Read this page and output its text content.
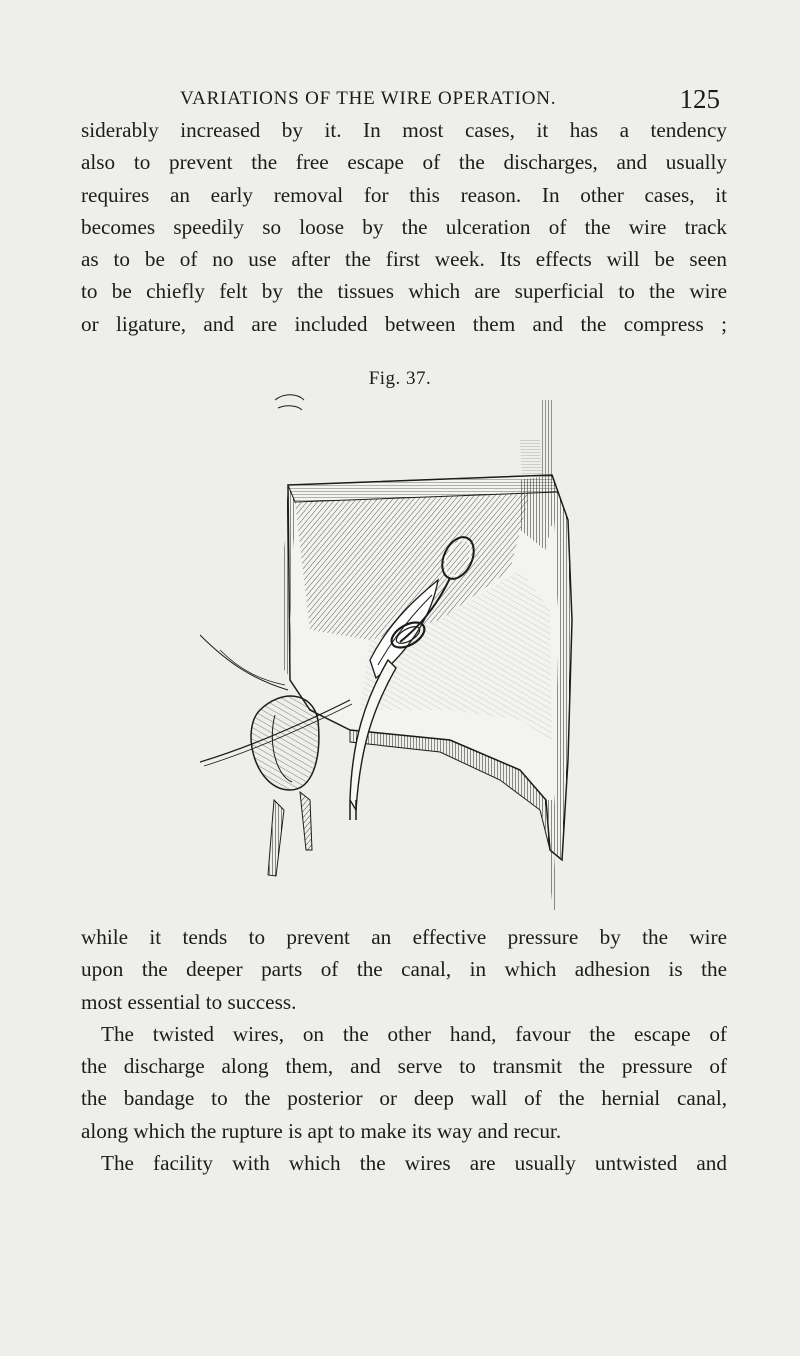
VARIATIONS OF THE WIRE OPERATION.	125
siderably increased by it. In most cases, it has a tendency
also to prevent the free escape of the discharges, and usually
requires an early removal for this reason. In other cases, it
becomes speedily so loose by the ulceration of the wire track
as to be of no use after the first week. Its effects will be seen
to be chiefly felt by the tissues which are superficial to the wire
or ligature, and are included between them and the compress ;
Fig. 37.
while it tends to prevent an effective pressure by the wire
upon the deeper parts of the canal, in which adhesion is the
most essential to success.
The twisted wires, on the other hand, favour the escape of
the discharge along them, and serve to transmit the pressure of
the bandage to the posterior or deep wall of the hernial canal,
along which the rupture is apt to make its way and recur.
The facility with which the wires are usually untwisted and
